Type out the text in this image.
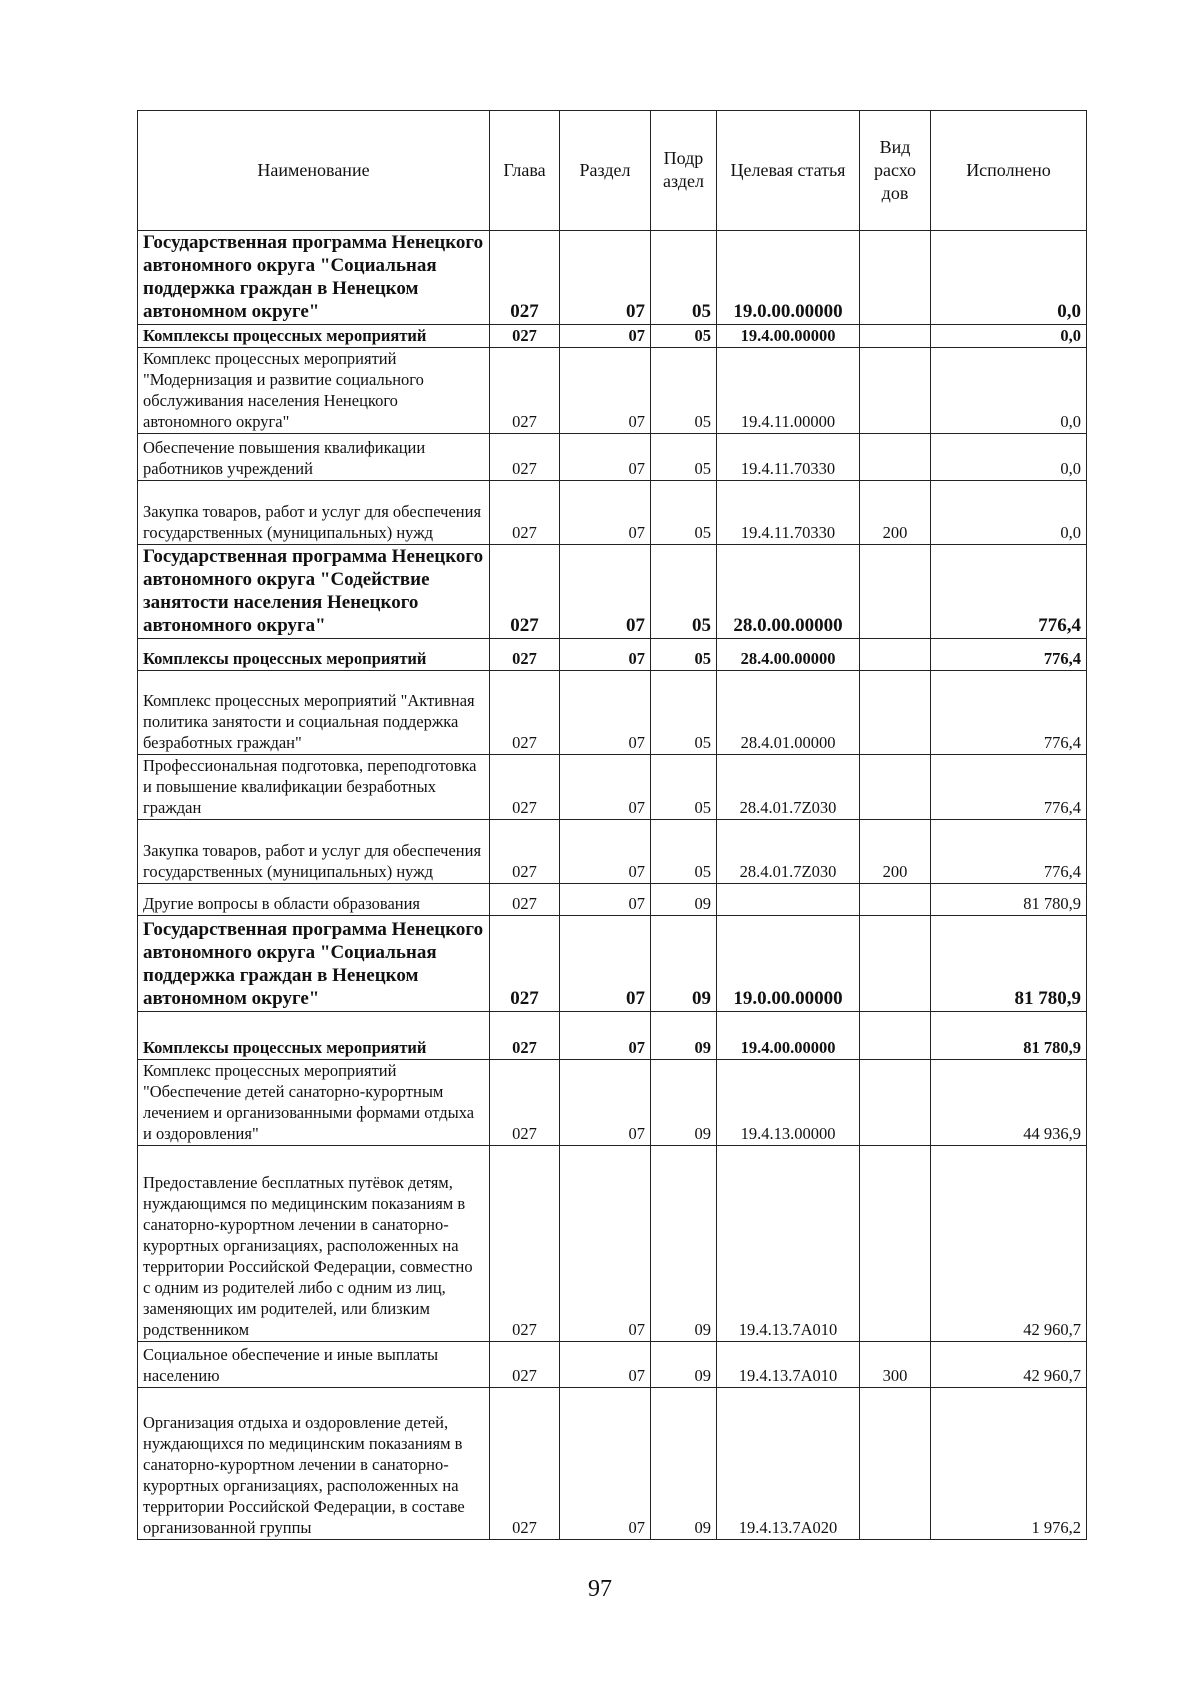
Наименование	Глава	Раздел	Подр аздел	Целевая статья	Вид расхо дов	Исполнено
Государственная программа Ненецкого автономного округа "Социальная поддержка граждан в Ненецком автономном округе"	027	07	05	19.0.00.00000		0,0
Комплексы процессных мероприятий	027	07	05	19.4.00.00000		0,0
Комплекс процессных мероприятий "Модернизация и развитие социального обслуживания населения Ненецкого автономного округа"	027	07	05	19.4.11.00000		0,0
Обеспечение повышения квалификации работников учреждений	027	07	05	19.4.11.70330		0,0
Закупка товаров, работ и услуг для обеспечения государственных (муниципальных) нужд	027	07	05	19.4.11.70330	200	0,0
Государственная программа Ненецкого автономного округа "Содействие занятости населения Ненецкого автономного округа"	027	07	05	28.0.00.00000		776,4
Комплексы процессных мероприятий	027	07	05	28.4.00.00000		776,4
Комплекс процессных мероприятий "Активная политика занятости и социальная поддержка безработных граждан"	027	07	05	28.4.01.00000		776,4
Профессиональная подготовка, переподготовка и повышение квалификации безработных граждан	027	07	05	28.4.01.7Z030		776,4
Закупка товаров, работ и услуг для обеспечения государственных (муниципальных) нужд	027	07	05	28.4.01.7Z030	200	776,4
Другие вопросы в области образования	027	07	09			81 780,9
Государственная программа Ненецкого автономного округа "Социальная поддержка граждан в Ненецком автономном округе"	027	07	09	19.0.00.00000		81 780,9
Комплексы процессных мероприятий	027	07	09	19.4.00.00000		81 780,9
Комплекс процессных мероприятий "Обеспечение детей санаторно-курортным лечением и организованными формами отдыха и оздоровления"	027	07	09	19.4.13.00000		44 936,9
Предоставление бесплатных путёвок детям, нуждающимся по медицинским показаниям в санаторно-курортном лечении в санаторно-курортных организациях, расположенных на территории Российской Федерации, совместно с одним из родителей либо с одним из лиц, заменяющих им родителей, или близким родственником	027	07	09	19.4.13.7А010		42 960,7
Социальное обеспечение и иные выплаты населению	027	07	09	19.4.13.7А010	300	42 960,7
Организация отдыха и оздоровление детей, нуждающихся по медицинским показаниям в санаторно-курортном лечении в санаторно-курортных организациях, расположенных на территории Российской Федерации, в составе организованной группы	027	07	09	19.4.13.7А020		1 976,2
97
